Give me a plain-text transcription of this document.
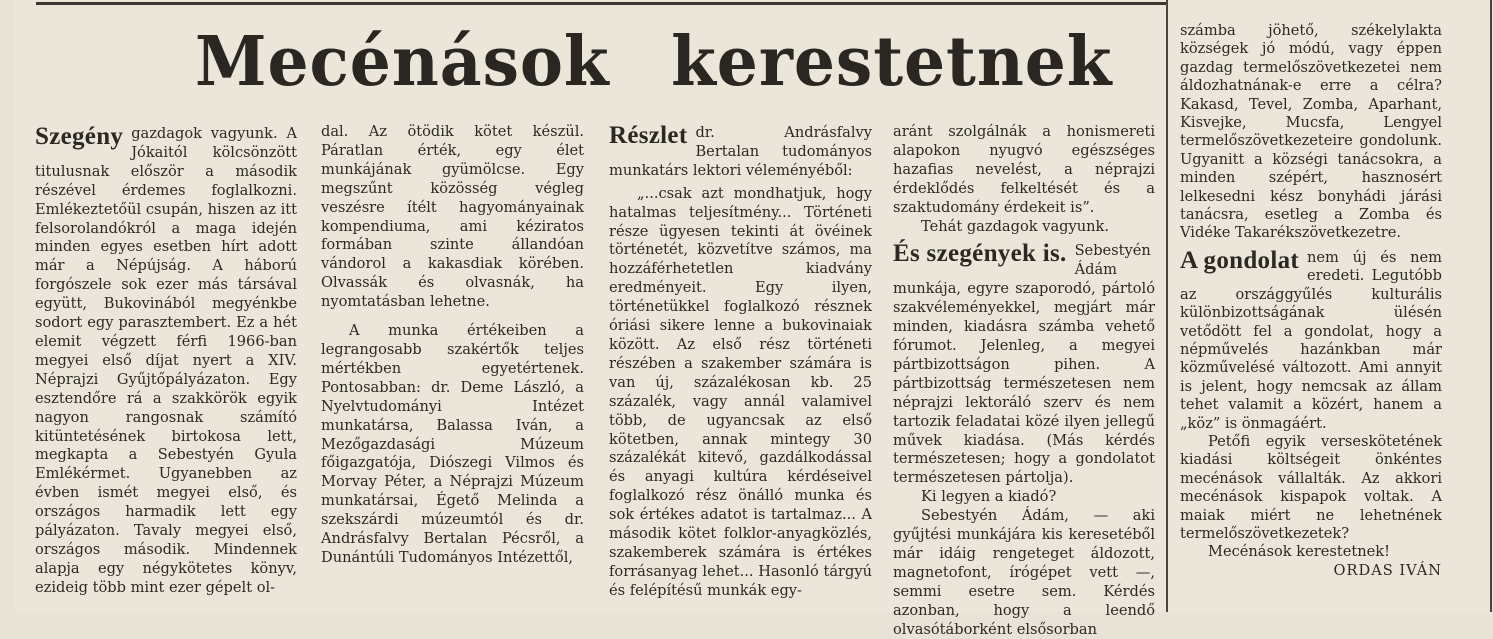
Mecénások kerestetnek

Szegény gazdagok vagyunk. A Jókaitól kölcsönzött titulusnak először a második részével érdemes foglalkozni. Emlékeztetőül csupán, hiszen az itt felsorolandókról a maga idején minden egyes esetben hírt adott már a Népújság. A háború forgószele sok ezer más társával együtt, Bukovinából megyénkbe sodort egy parasztembert. Ez a hét elemit végzett férfi 1966-ban megyei első díjat nyert a XIV. Néprajzi Gyűjtőpályázaton. Egy esztendőre rá a szakkörök egyik nagyon rangosnak számító kitüntetésének birtokosa lett, megkapta a Sebestyén Gyula Emlékérmet. Ugyanebben az évben ismét megyei első, és országos harmadik lett egy pályázaton. Tavaly megyei első, országos második. Mindennek alapja egy négykötetes könyv, ezideig több mint ezer gépelt ol-

dal. Az ötödik kötet készül. Páratlan érték, egy élet munkájának gyümölcse. Egy megszűnt közösség végleg veszésre ítélt hagyományainak kompendiuma, ami kéziratos formában szinte állandóan vándorol a kakasdiak körében. Olvassák és olvasnák, ha nyomtatásban lehetne.

A munka értékeiben a legrangosabb szakértők teljes mértékben egyetértenek. Pontosabban: dr. Deme László, a Nyelvtudományi Intézet munkatársa, Balassa Iván, a Mezőgazdasági Múzeum főigazgatója, Diószegi Vilmos és Morvay Péter, a Néprajzi Múzeum munkatársai, Égető Melinda a szekszárdi múzeumtól és dr. Andrásfalvy Bertalan Pécsről, a Dunántúli Tudományos Intézettől,

Részlet dr. Andrásfalvy Bertalan tudományos munkatárs lektori véleményéből:

„...csak azt mondhatjuk, hogy hatalmas teljesítmény... Történeti része ügyesen tekinti át övéinek történetét, közvetítve számos, ma hozzáférhetetlen kiadvány eredményeit. Egy ilyen, történetükkel foglalkozó résznek óriási sikere lenne a bukovinaiak között. Az első rész történeti részében a szakember számára is van új, százalékosan kb. 25 százalék, vagy annál valamivel több, de ugyancsak az első kötetben, annak mintegy 30 százalékát kitevő, gazdálkodással és anyagi kultúra kérdéseivel foglalkozó rész önálló munka és sok értékes adatot is tartalmaz... A második kötet folklor-anyagközlés, szakemberek számára is értékes forrásanyag lehet... Hasonló tárgyú és felépítésű munkák egy-

aránt szolgálnák a honismereti alapokon nyugvó egészséges hazafias nevelést, a néprajzi érdeklődés felkeltését és a szaktudomány érdekeit is”.

Tehát gazdagok vagyunk.

És szegények is. Sebestyén Ádám munkája, egyre szaporodó, pártoló szakvéleményekkel, megjárt már minden, kiadásra számba vehető fórumot. Jelenleg, a megyei pártbizottságon pihen. A pártbizottság természetesen nem néprajzi lektoráló szerv és nem tartozik feladatai közé ilyen jellegű művek kiadása. (Más kérdés természetesen; hogy a gondolatot természetesen pártolja).

Ki legyen a kiadó?

Sebestyén Ádám, — aki gyűjtési munkájára kis keresetéből már idáig rengeteget áldozott, magnetofont, írógépet vett —, semmi esetre sem. Kérdés azonban, hogy a leendő olvasótáborként elsősorban

számba jöhető, székelylakta községek jó módú, vagy éppen gazdag termelőszövetkezetei nem áldozhatnának-e erre a célra? Kakasd, Tevel, Zomba, Aparhant, Kisvejke, Mucsfa, Lengyel termelőszövetkezeteire gondolunk. Ugyanitt a községi tanácsokra, a minden szépért, hasznosért lelkesedni kész bonyhádi járási tanácsra, esetleg a Zomba és Vidéke Takarékszövetkezetre.

A gondolat nem új és nem eredeti. Legutóbb az országgyűlés kulturális különbizottságának ülésén vetődött fel a gondolat, hogy a népművelés hazánkban már közművelésé változott. Ami annyit is jelent, hogy nemcsak az állam tehet valamit a közért, hanem a „köz” is önmagáért.

Petőfi egyik verseskötetének kiadási költségeit önkéntes mecénások vállalták. Az akkori mecénások kispapok voltak. A maiak miért ne lehetnének termelőszövetkezetek?

Mecénások kerestetnek!

ORDAS IVÁN
